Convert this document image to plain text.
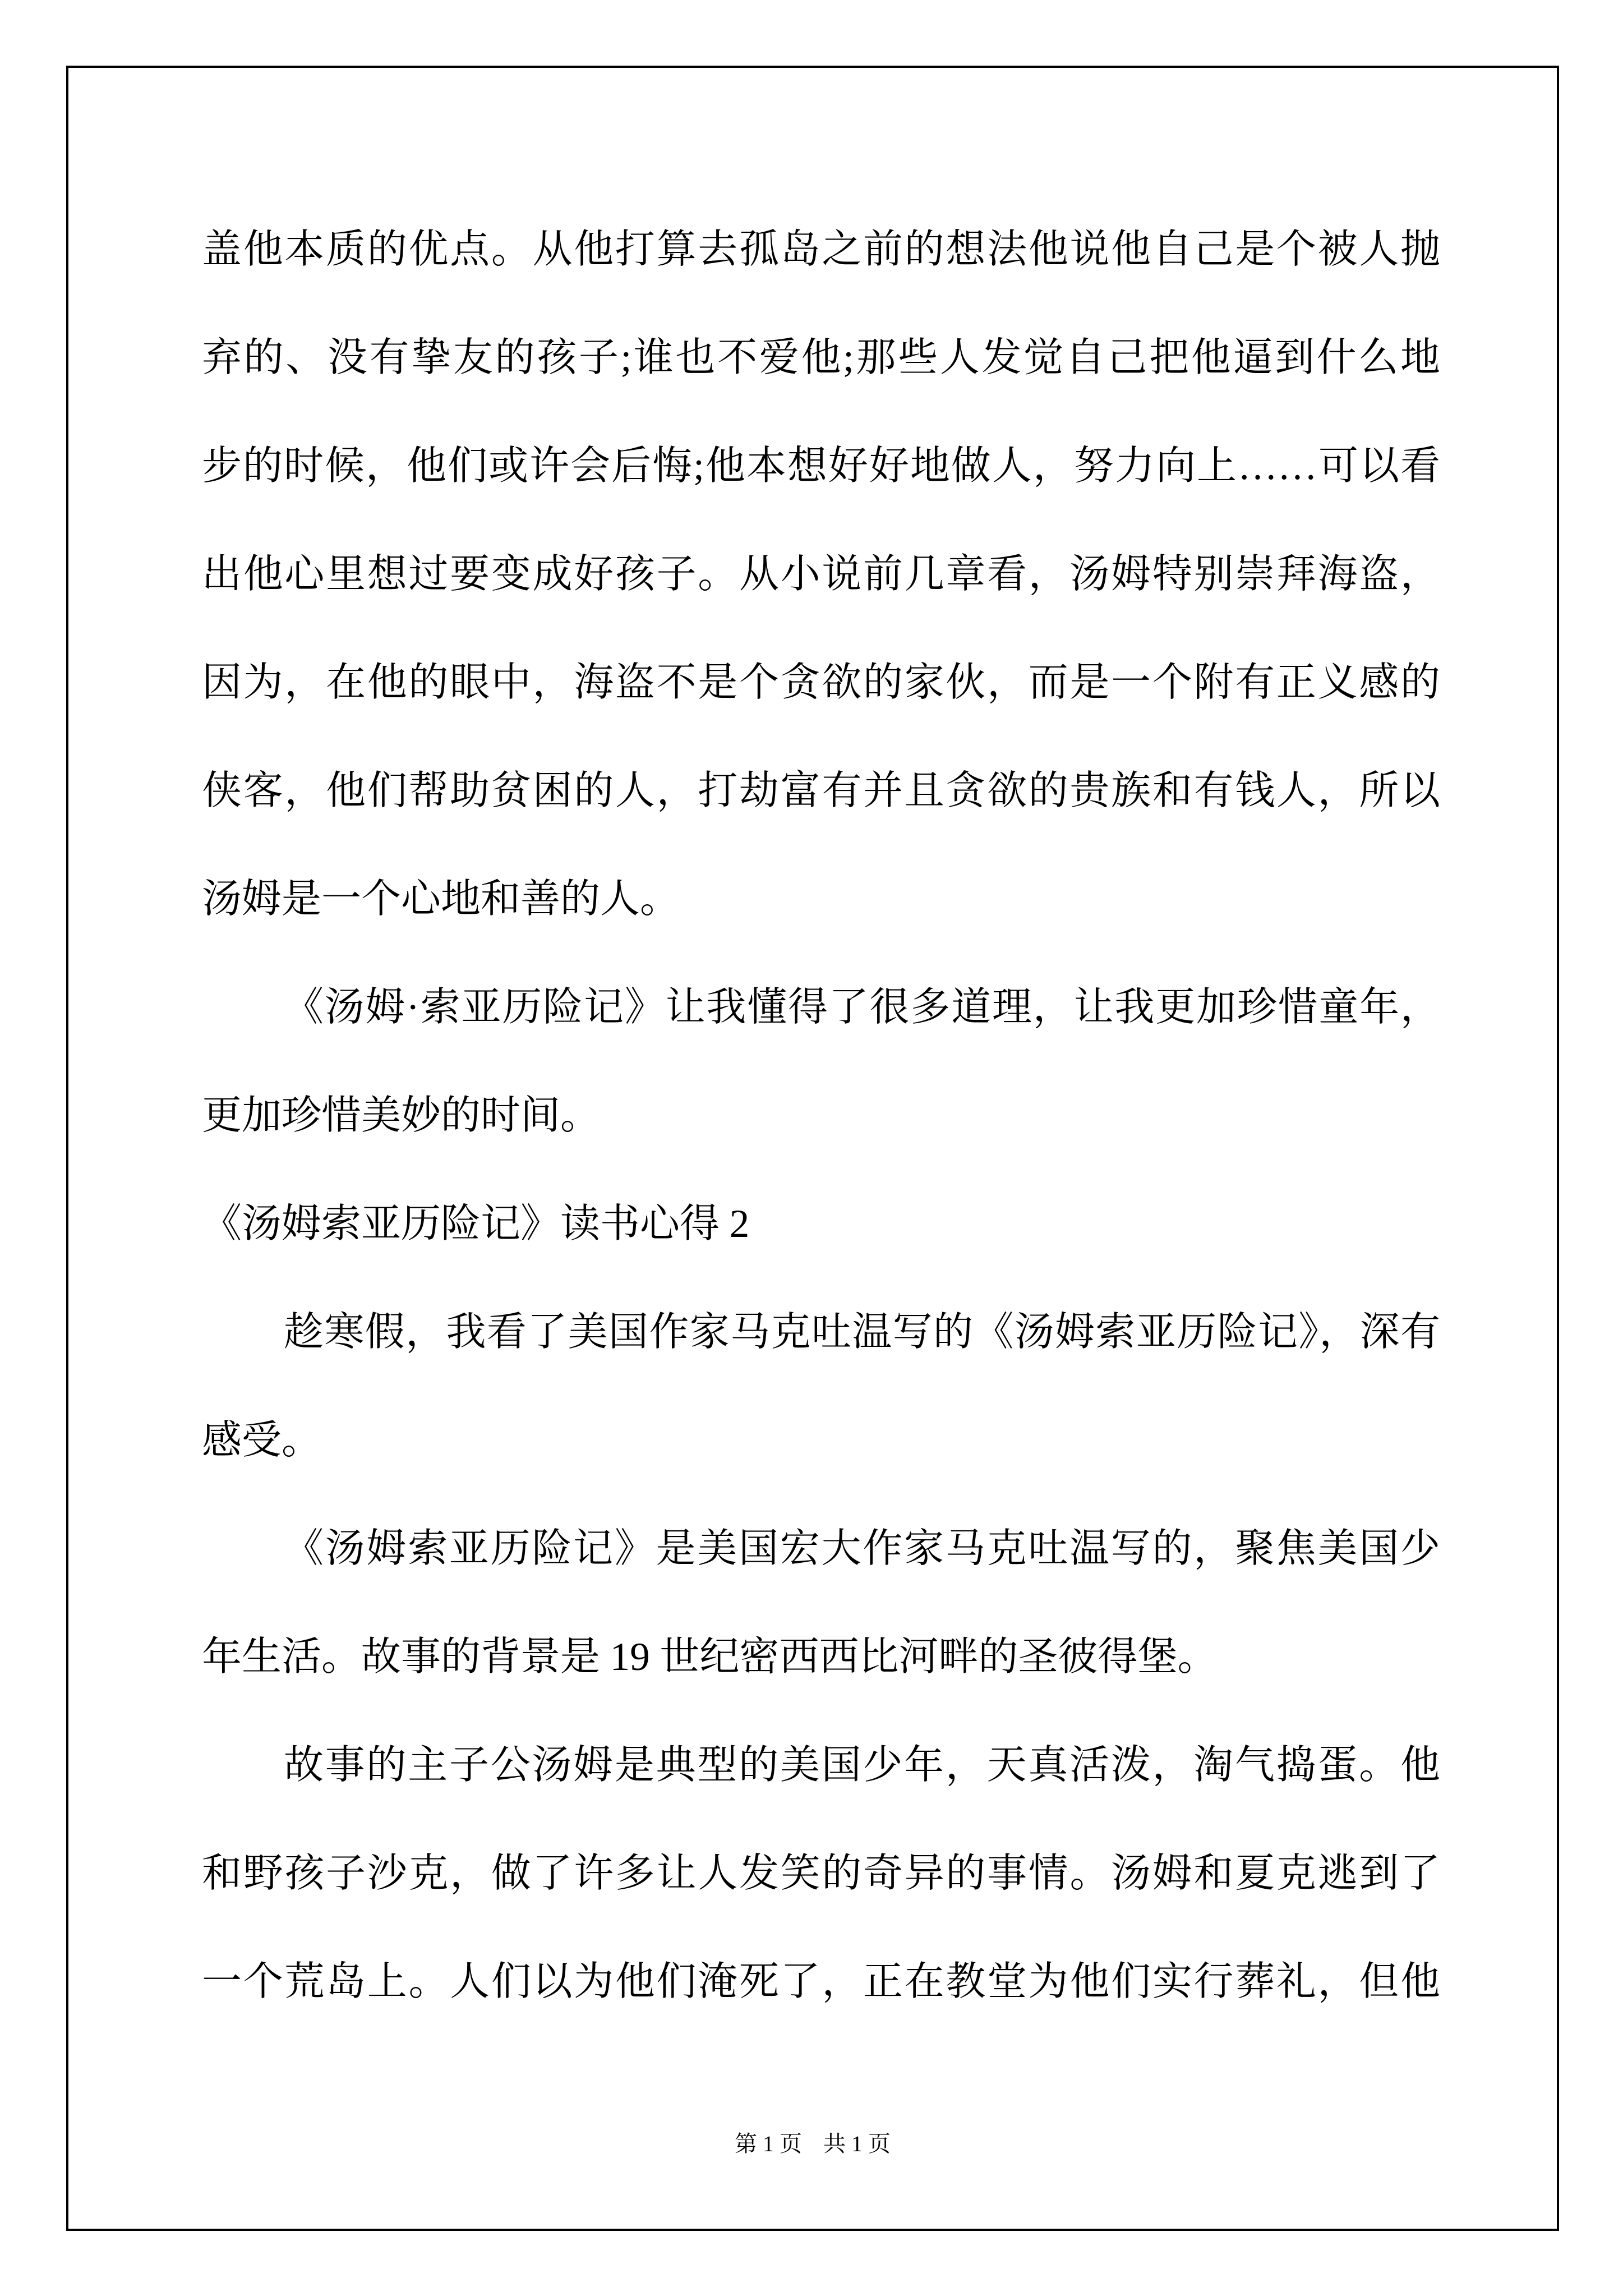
盖他本质的优点。从他打算去孤岛之前的想法他说他自己是个被人抛
弃的、没有挚友的孩子;谁也不爱他;那些人发觉自己把他逼到什么地
步的时候，他们或许会后悔;他本想好好地做人，努力向上……可以看
出他心里想过要变成好孩子。从小说前几章看，汤姆特别崇拜海盗，
因为，在他的眼中，海盗不是个贪欲的家伙，而是一个附有正义感的
侠客，他们帮助贫困的人，打劫富有并且贪欲的贵族和有钱人，所以
汤姆是一个心地和善的人。
《汤姆·索亚历险记》让我懂得了很多道理，让我更加珍惜童年，
更加珍惜美妙的时间。
《汤姆索亚历险记》读书心得 2
趁寒假，我看了美国作家马克吐温写的《汤姆索亚历险记》，深有
感受。
《汤姆索亚历险记》是美国宏大作家马克吐温写的，聚焦美国少
年生活。故事的背景是 19 世纪密西西比河畔的圣彼得堡。
故事的主子公汤姆是典型的美国少年，天真活泼，淘气捣蛋。他
和野孩子沙克，做了许多让人发笑的奇异的事情。汤姆和夏克逃到了
一个荒岛上。人们以为他们淹死了，正在教堂为他们实行葬礼，但他
第 1 页 共 1 页
